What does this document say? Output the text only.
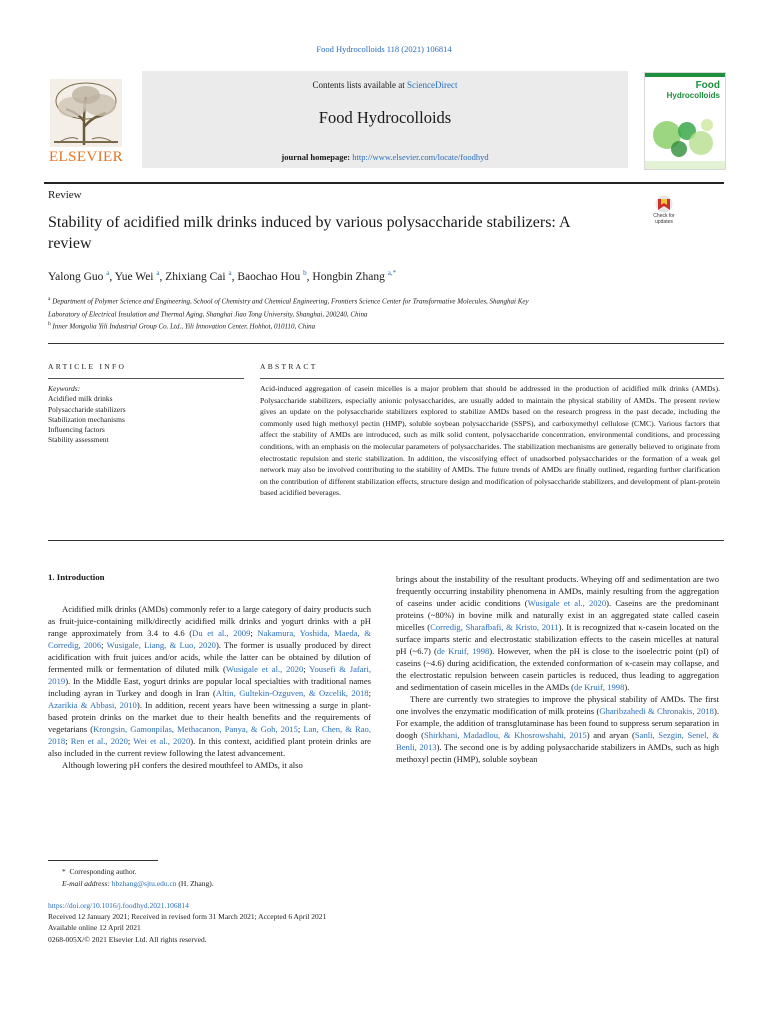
Food Hydrocolloids 118 (2021) 106814
ELSEVIER
Contents lists available at ScienceDirect
Food Hydrocolloids
journal homepage: http://www.elsevier.com/locate/foodhyd
Food
Hydrocolloids
Review
Stability of acidified milk drinks induced by various polysaccharide stabilizers: A review
Check for
updates
Yalong Guo $^a$, Yue Wei $^a$, Zhixiang Cai $^a$, Baochao Hou $^b$, Hongbin Zhang $^{a,*}$
$^a$ Department of Polymer Science and Engineering, School of Chemistry and Chemical Engineering, Frontiers Science Center for Transformative Molecules, Shanghai Key
Laboratory of Electrical Insulation and Thermal Aging, Shanghai Jiao Tong University, Shanghai, 200240, China
$^b$ Inner Mongolia Yili Industrial Group Co. Ltd., Yili Innovation Center, Hohhot, 010110, China
ARTICLE INFO	ABSTRACT
Keywords:
Acidified milk drinks
Polysaccharide stabilizers
Stabilization mechanisms
Influencing factors
Stability assessment
Acid-induced aggregation of casein micelles is a major problem that should be addressed in the production of acidified milk drinks (AMDs). Polysaccharide stabilizers, especially anionic polysaccharides, are usually added to maintain the physical stability of AMDs. The present review gives an update on the polysaccharide stabilizers explored to stabilize AMDs based on the research progress in the past decade, including the commonly used high methoxyl pectin (HMP), soluble soybean polysaccharide (SSPS), and carboxymethyl cellulose (CMC). Various factors that affect the stability of AMDs are introduced, such as milk solid content, polysaccharide concentration, environmental conditions, and processing conditions, with an emphasis on the molecular parameters of polysaccharides. The stabilization mechanisms are generally believed to originate from electrostatic repulsion and steric stabilization. In addition, the viscosifying effect of unadsorbed polysaccharides or the formation of a weak gel network may also be involved contributing to the stability of AMDs. The future trends of AMDs are finally outlined, regarding further clarification on the contribution of different stabilization effects, structure design and modification of polysaccharide stabilizers, and development of plant-protein based acidified beverages.
1. Introduction

Acidified milk drinks (AMDs) commonly refer to a large category of dairy products such as fruit-juice-containing milk/directly acidified milk drinks and yogurt drinks with a pH range approximately from 3.4 to 4.6 (Du et al., 2009; Nakamura, Yoshida, Maeda, & Corredig, 2006; Wusigale, Liang, & Luo, 2020). The former is usually produced by direct acidification with fruit juices and/or acids, while the latter can be obtained by dilution of fermented milk or fermentation of diluted milk (Wusigale et al., 2020; Yousefi & Jafari, 2019). In the Middle East, yogurt drinks are popular local specialties with traditional names including ayran in Turkey and doogh in Iran (Altin, Gultekin-Ozguven, & Ozcelik, 2018; Azarikia & Abbasi, 2010). In addition, recent years have been witnessing a surge in plant-based protein drinks on the market due to their health benefits and the requirements of vegetarians (Krongsin, Gamonpilas, Methacanon, Panya, & Goh, 2015; Lan, Chen, & Rao, 2018; Ren et al., 2020; Wei et al., 2020). In this context, acidified plant protein drinks are also included in the current review following the latest advancement.

Although lowering pH confers the desired mouthfeel to AMDs, it also

brings about the instability of the resultant products. Wheying off and sedimentation are two frequently occurring instability phenomena in AMDs, mainly resulting from the aggregation of caseins under acidic conditions (Wusigale et al., 2020). Caseins are the predominant proteins (~80%) in bovine milk and naturally exist in an aggregated state called casein micelles (Corredig, Sharafbafi, & Kristo, 2011). It is recognized that κ-casein located on the surface imparts steric and electrostatic stabilization effects to the casein micelles at natural pH (~6.7) (de Kruif, 1998). However, when the pH is close to the isoelectric point (pI) of caseins (~4.6) during acidification, the extended conformation of κ-casein may collapse, and the electrostatic repulsion between casein particles is reduced, thus leading to aggregation and sedimentation of casein micelles in the AMDs (de Kruif, 1998).

There are currently two strategies to improve the physical stability of AMDs. The first one involves the enzymatic modification of milk proteins (Gharibzahedi & Chronakis, 2018). For example, the addition of transglutaminase has been found to suppress serum separation in doogh (Shirkhani, Madadlou, & Khosrowshahi, 2015) and aryan (Sanli, Sezgin, Senel, & Benli, 2013). The second one is by adding polysaccharide stabilizers in AMDs, such as high methoxyl pectin (HMP), soluble soybean

* Corresponding author.
E-mail address: hbzhang@sjtu.edu.cn (H. Zhang).
https://doi.org/10.1016/j.foodhyd.2021.106814
Received 12 January 2021; Received in revised form 31 March 2021; Accepted 6 April 2021
Available online 12 April 2021
0268-005X/© 2021 Elsevier Ltd. All rights reserved.
